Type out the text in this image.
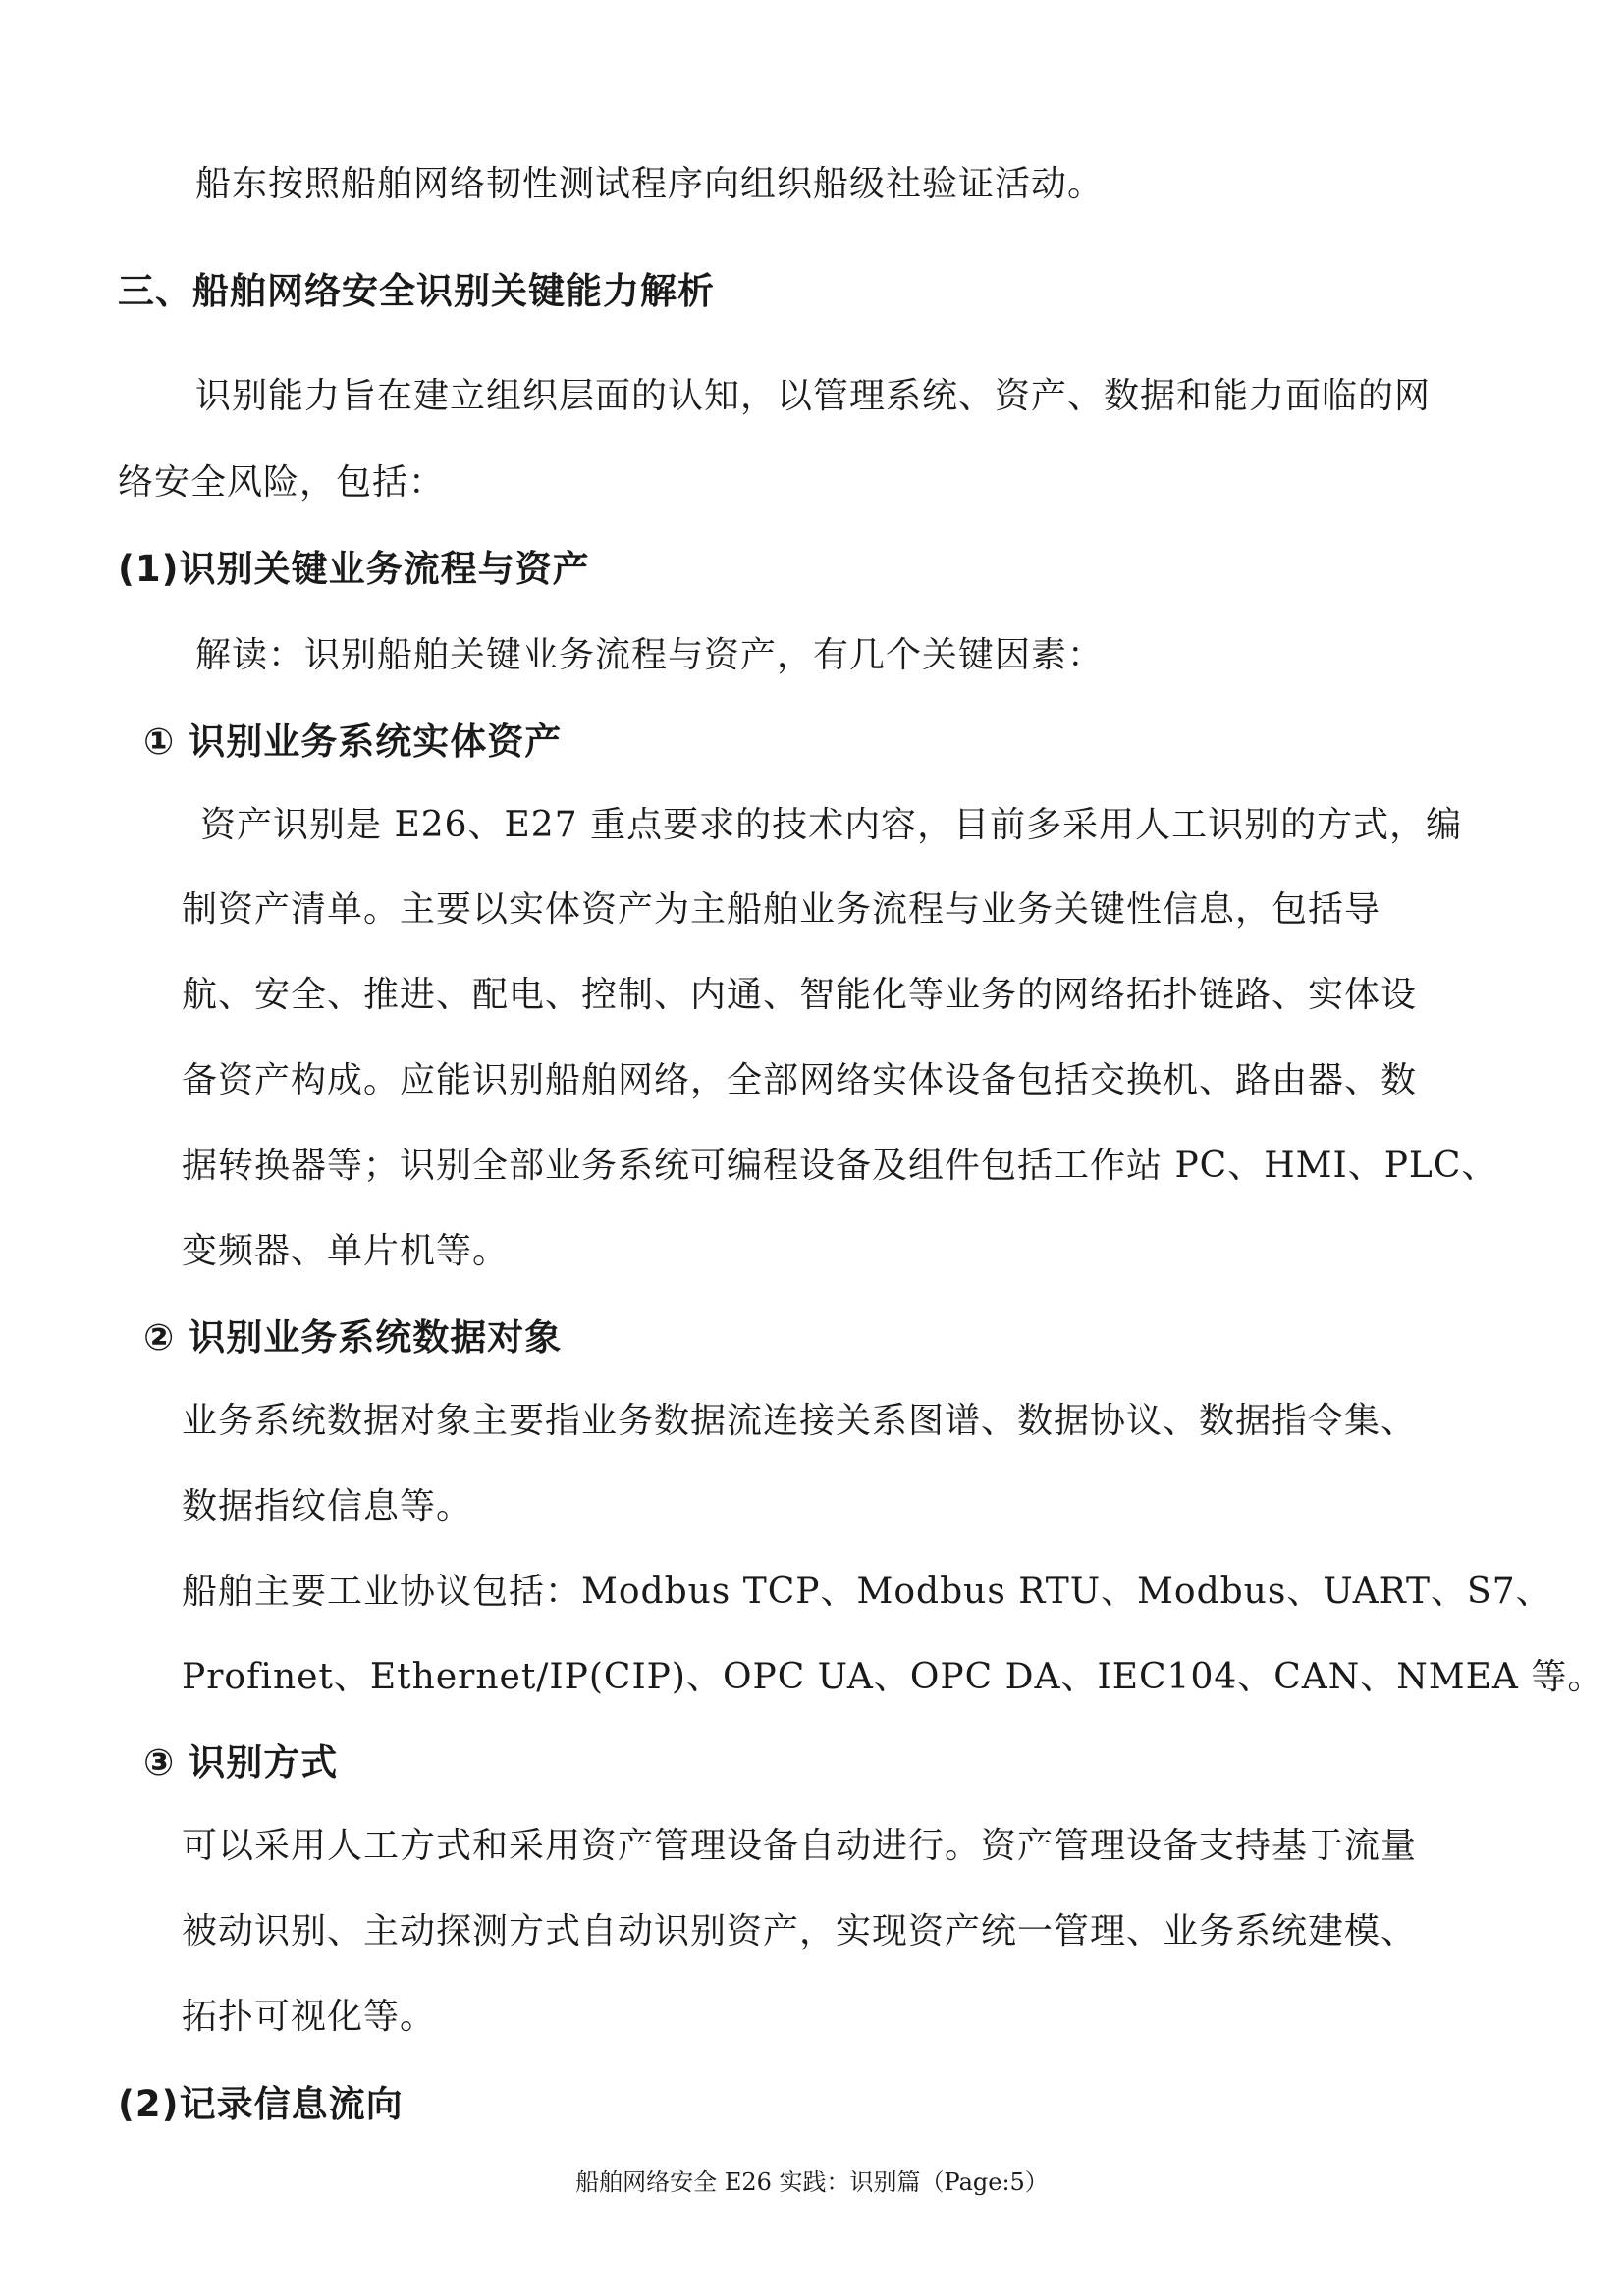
船东按照船舶网络韧性测试程序向组织船级社验证活动。
三、船舶网络安全识别关键能力解析
识别能力旨在建立组织层面的认知，以管理系统、资产、数据和能力面临的网
络安全风险，包括：
(1)识别关键业务流程与资产
解读：识别船舶关键业务流程与资产，有几个关键因素：
① 识别业务系统实体资产
资产识别是 E26、E27 重点要求的技术内容，目前多采用人工识别的方式，编
制资产清单。主要以实体资产为主船舶业务流程与业务关键性信息，包括导
航、安全、推进、配电、控制、内通、智能化等业务的网络拓扑链路、实体设
备资产构成。应能识别船舶网络，全部网络实体设备包括交换机、路由器、数
据转换器等；识别全部业务系统可编程设备及组件包括工作站 PC、HMI、PLC、
变频器、单片机等。
② 识别业务系统数据对象
业务系统数据对象主要指业务数据流连接关系图谱、数据协议、数据指令集、
数据指纹信息等。
船舶主要工业协议包括：Modbus TCP、Modbus RTU、Modbus、UART、S7、
Profinet、Ethernet/IP(CIP)、OPC UA、OPC DA、IEC104、CAN、NMEA 等。
③ 识别方式
可以采用人工方式和采用资产管理设备自动进行。资产管理设备支持基于流量
被动识别、主动探测方式自动识别资产，实现资产统一管理、业务系统建模、
拓扑可视化等。
(2)记录信息流向
船舶网络安全 E26 实践：识别篇（Page:5）
